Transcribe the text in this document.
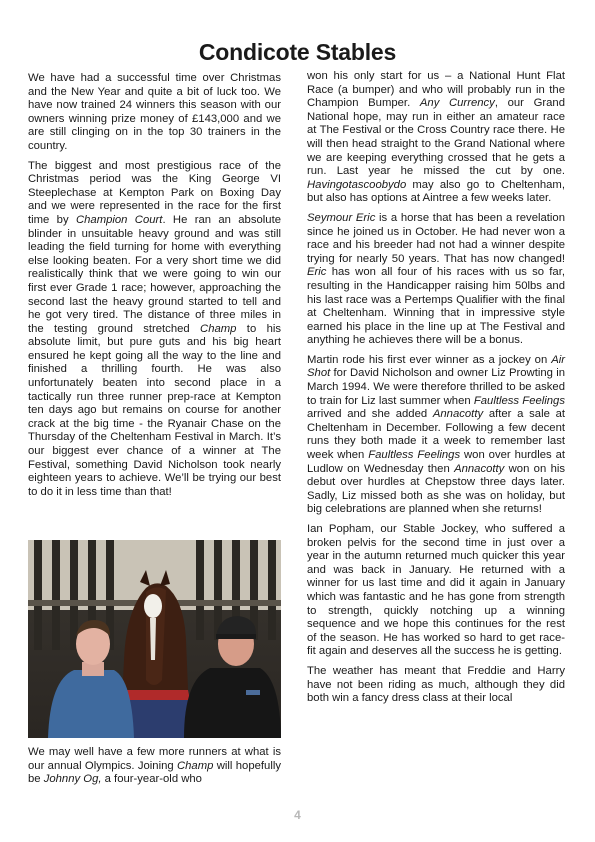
Condicote Stables

We have had a successful time over Christmas and the New Year and quite a bit of luck too. We have now trained 24 winners this season with our owners winning prize money of £143,000 and we are still clinging on in the top 30 trainers in the country.

The biggest and most prestigious race of the Christmas period was the King George VI Steeplechase at Kempton Park on Boxing Day and we were represented in the race for the first time by Champion Court. He ran an absolute blinder in unsuitable heavy ground and was still leading the field turning for home with everything else looking beaten. For a very short time we did realistically think that we were going to win our first ever Grade 1 race; however, approaching the second last the heavy ground started to tell and he got very tired. The distance of three miles in the testing ground stretched Champ to his absolute limit, but pure guts and his big heart ensured he kept going all the way to the line and finished a thrilling fourth. He was also unfortunately beaten into second place in a tactically run three runner prep-race at Kempton ten days ago but remains on course for another crack at the big time - the Ryanair Chase on the Thursday of the Cheltenham Festival in March. It’s our biggest ever chance of a winner at The Festival, something David Nicholson took nearly eighteen years to achieve. We’ll be trying our best to do it in less time than that!

We may well have a few more runners at what is our annual Olympics. Joining Champ will hopefully be Johnny Og, a four-year-old who

won his only start for us – a National Hunt Flat Race (a bumper) and who will probably run in the Champion Bumper. Any Currency, our Grand National hope, may run in either an amateur race at The Festival or the Cross Country race there. He will then head straight to the Grand National where we are keeping everything crossed that he gets a run. Last year he missed the cut by one. Havingotascoobydo may also go to Cheltenham, but also has options at Aintree a few weeks later.

Seymour Eric is a horse that has been a revelation since he joined us in October. He had never won a race and his breeder had not had a winner despite trying for nearly 50 years. That has now changed! Eric has won all four of his races with us so far, resulting in the Handicapper raising him 50lbs and his last race was a Pertemps Qualifier with the final at Cheltenham. Winning that in impressive style earned his place in the line up at The Festival and anything he achieves there will be a bonus.

Martin rode his first ever winner as a jockey on Air Shot for David Nicholson and owner Liz Prowting in March 1994. We were therefore thrilled to be asked to train for Liz last summer when Faultless Feelings arrived and she added Annacotty after a sale at Cheltenham in December. Following a few decent runs they both made it a week to remember last week when Faultless Feelings won over hurdles at Ludlow on Wednesday then Annacotty won on his debut over hurdles at Chepstow three days later. Sadly, Liz missed both as she was on holiday, but big celebrations are planned when she returns!

Ian Popham, our Stable Jockey, who suffered a broken pelvis for the second time in just over a year in the autumn returned much quicker this year and was back in January. He returned with a winner for us last time and did it again in January which was fantastic and he has gone from strength to strength, quickly notching up a winning sequence and we hope this continues for the rest of the season. He has worked so hard to get race-fit again and deserves all the success he is getting.

The weather has meant that Freddie and Harry have not been riding as much, although they did both win a fancy dress class at their local

4
